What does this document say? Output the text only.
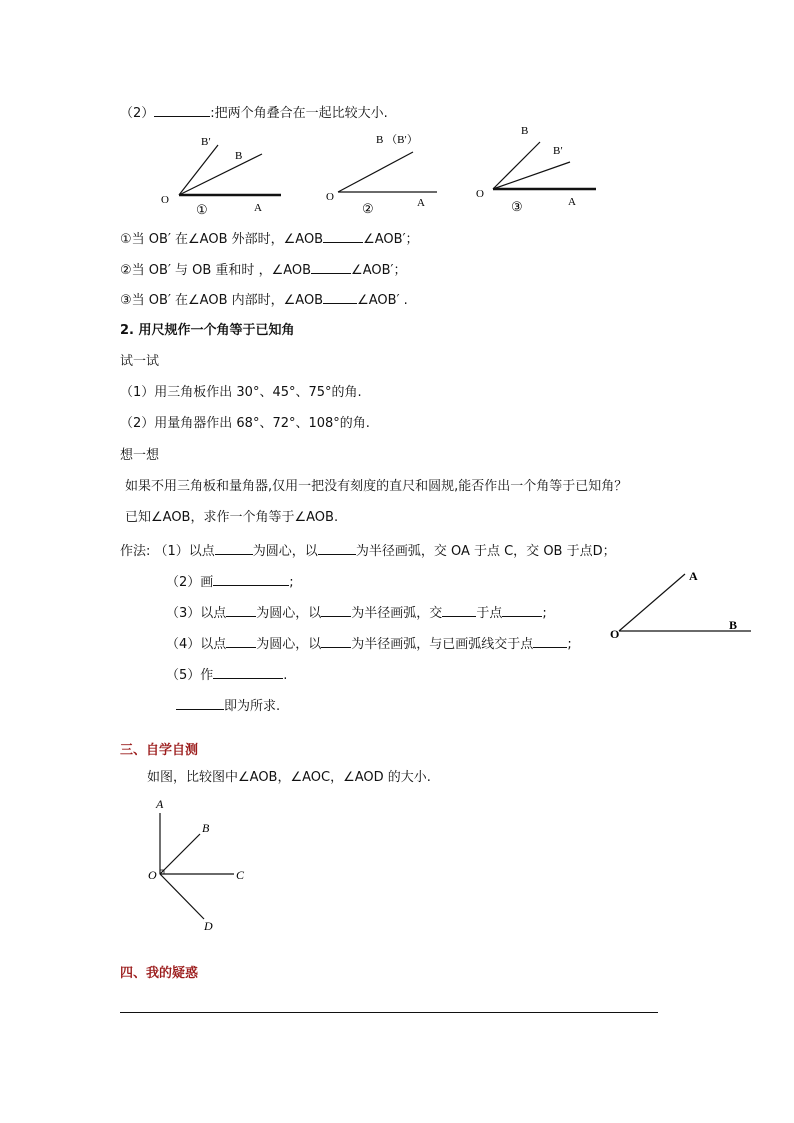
（2）	:把两个角叠合在一起比较大小.
B′
B
O
A
①
B （B′）
O	A
②
B
B′
O
A
③
①当 OB′ 在∠AOB 外部时，∠AOB	∠AOB′；
②当 OB′ 与 OB 重和时 ，∠AOB	∠AOB′；
③当 OB′ 在∠AOB 内部时，∠AOB	∠AOB′ .
2. 用尺规作一个角等于已知角
试一试
（1）用三角板作出 30°、45°、75°的角.
（2）用量角器作出 68°、72°、108°的角.
想一想
如果不用三角板和量角器,仅用一把没有刻度的直尺和圆规,能否作出一个角等于已知角？
已知∠AOB，求作一个角等于∠AOB.
作法: （1）以点	为圆心，以	为半径画弧，交 OA 于点 C，交 OB 于点D；
（2）画	;
（3）以点 为圆心，以 为半径画弧，交	于点	;
（4）以点 为圆心，以 为半径画弧，与已画弧线交于点	;
（5）作	.
即为所求.
O
A
B
三、自学自测
如图，比较图中∠AOB，∠AOC，∠AOD 的大小.
A
B
O	C
D
四、我的疑惑
